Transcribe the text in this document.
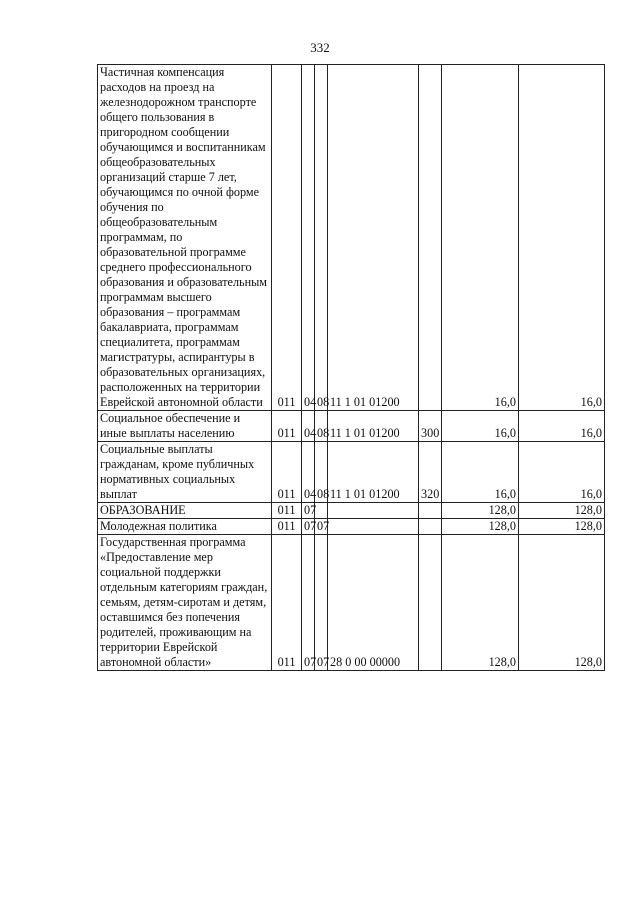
332
Частичная компенсация расходов на проезд на железнодорожном транспорте общего пользования в пригородном сообщении обучающимся и воспитанникам общеобразовательных организаций старше 7 лет, обучающимся по очной форме обучения по общеобразовательным программам, по образовательной программе среднего профессионального образования и образовательным программам высшего образования – программам бакалавриата, программам специалитета, программам магистратуры, аспирантуры в образовательных организациях, расположенных на территории Еврейской автономной области	011	04	08	11 1 01 01200		16,0	16,0
Социальное обеспечение и иные выплаты населению	011	04	08	11 1 01 01200	300	16,0	16,0
Социальные выплаты гражданам, кроме публичных нормативных социальных выплат	011	04	08	11 1 01 01200	320	16,0	16,0
ОБРАЗОВАНИЕ	011	07				128,0	128,0
Молодежная политика	011	07	07			128,0	128,0
Государственная программа «Предоставление мер социальной поддержки отдельным категориям граждан, семьям, детям-сиротам и детям, оставшимся без попечения родителей, проживающим на территории Еврейской автономной области»	011	07	07	28 0 00 00000		128,0	128,0
